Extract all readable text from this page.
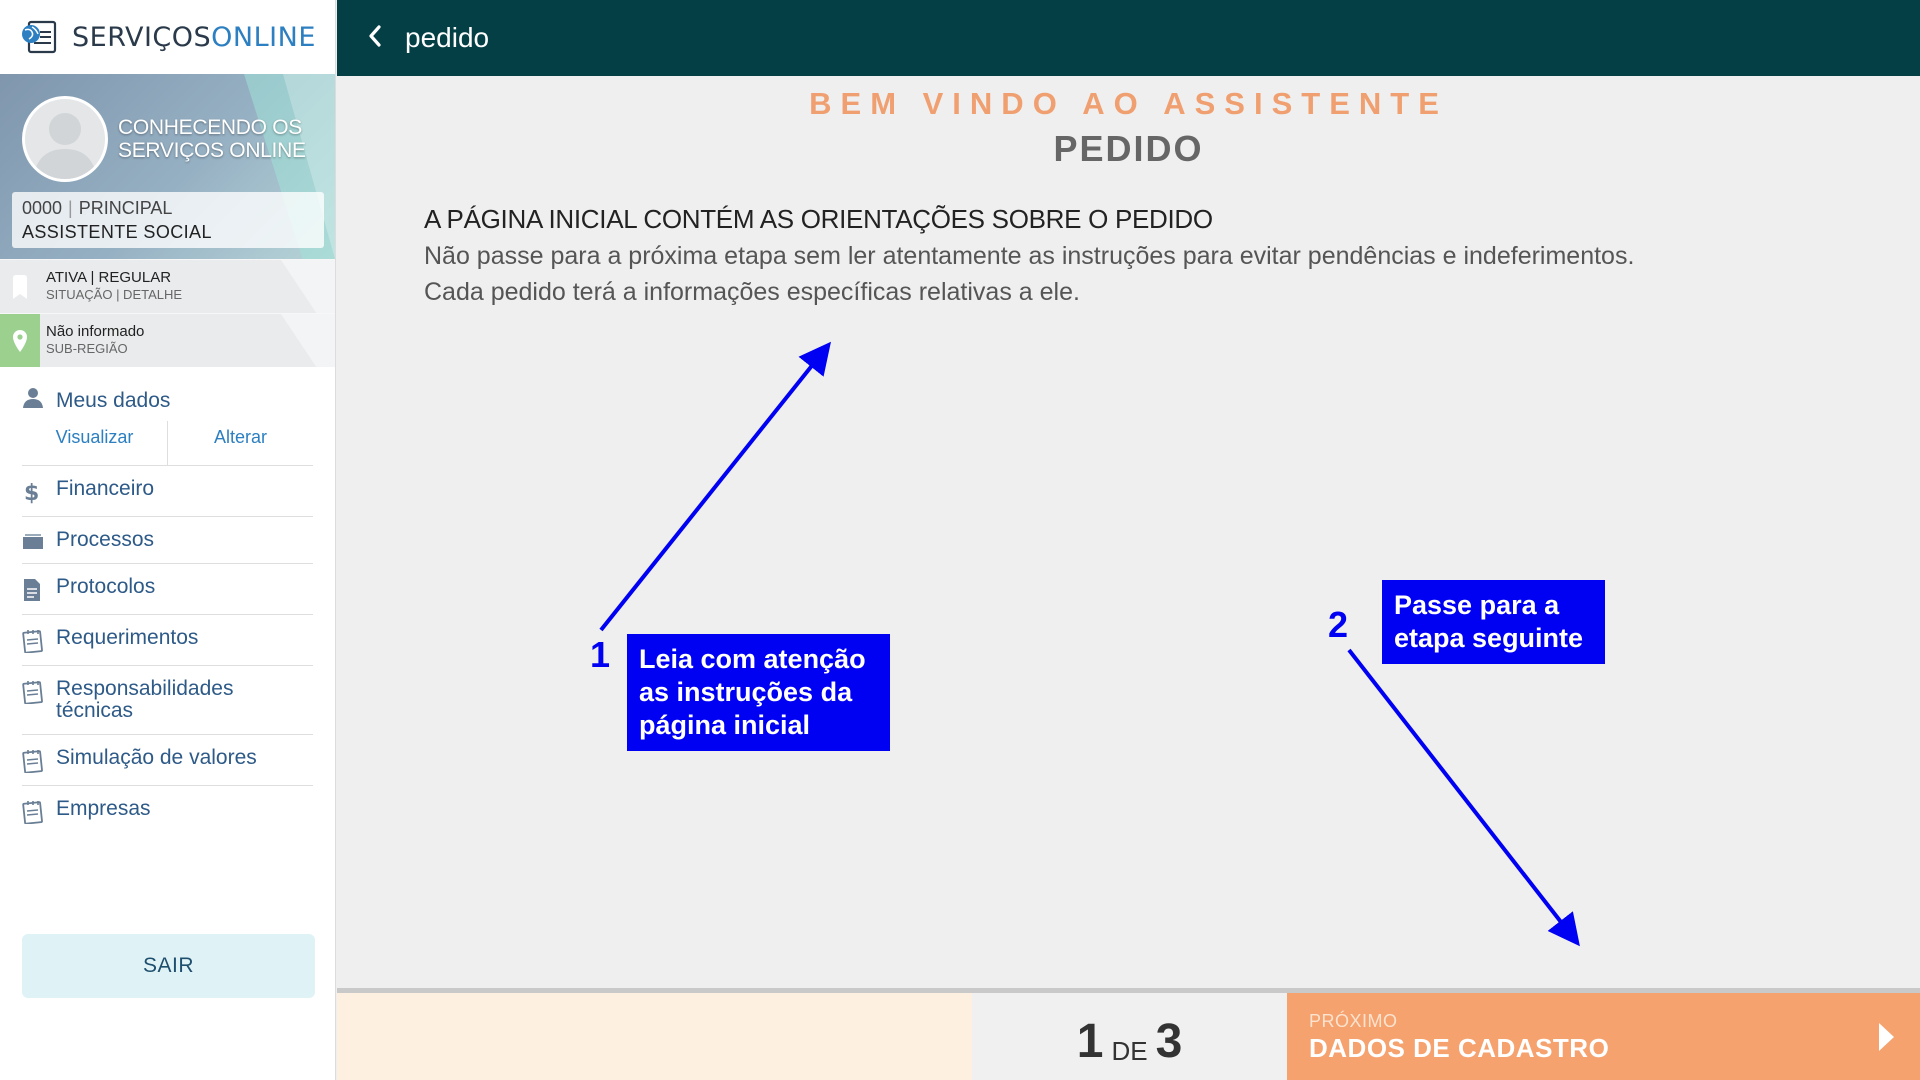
SERVIÇOSONLINE
CONHECENDO OS SERVIÇOS ONLINE
0000 | PRINCIPAL
ASSISTENTE SOCIAL
ATIVA | REGULAR
SITUAÇÃO | DETALHE
Não informado
SUB-REGIÃO
Meus dados
Visualizar	Alterar
$ Financeiro
Processos
Protocolos
Requerimentos
Responsabilidades técnicas
Simulação de valores
Empresas
SAIR
pedido
BEM VINDO AO ASSISTENTE
PEDIDO
A PÁGINA INICIAL CONTÉM AS ORIENTAÇÕES SOBRE O PEDIDO
Não passe para a próxima etapa sem ler atentamente as instruções para evitar pendências e indeferimentos.
Cada pedido terá a informações específicas relativas a ele.
1 Leia com atenção
as instruções da
página inicial
2 Passe para a
etapa seguinte
1 DE 3	PRÓXIMO
DADOS DE CADASTRO
